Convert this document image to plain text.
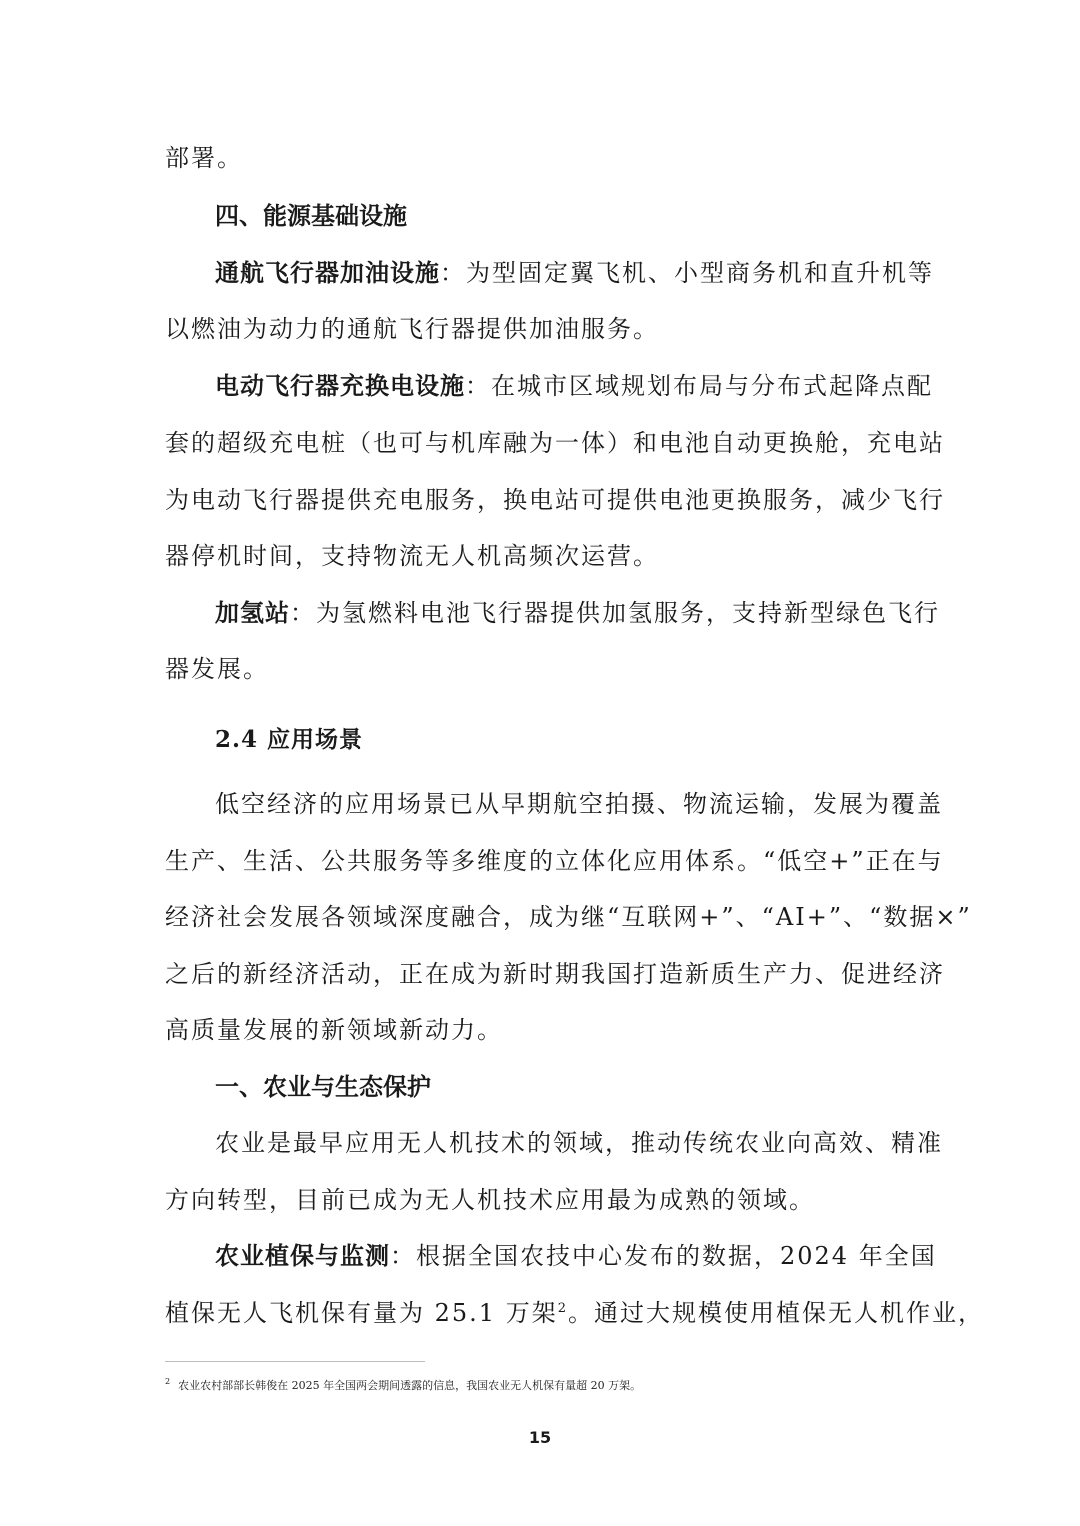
部署。
四、能源基础设施
通航飞行器加油设施：为型固定翼飞机、小型商务机和直升机等
以燃油为动力的通航飞行器提供加油服务。
电动飞行器充换电设施：在城市区域规划布局与分布式起降点配
套的超级充电桩（也可与机库融为一体）和电池自动更换舱，充电站
为电动飞行器提供充电服务，换电站可提供电池更换服务，减少飞行
器停机时间，支持物流无人机高频次运营。
加氢站：为氢燃料电池飞行器提供加氢服务，支持新型绿色飞行
器发展。
2.4 应用场景
低空经济的应用场景已从早期航空拍摄、物流运输，发展为覆盖
生产、生活、公共服务等多维度的立体化应用体系。“低空+”正在与
经济社会发展各领域深度融合，成为继“互联网+”、“AI+”、“数据×”
之后的新经济活动，正在成为新时期我国打造新质生产力、促进经济
高质量发展的新领域新动力。
一、农业与生态保护
农业是最早应用无人机技术的领域，推动传统农业向高效、精准
方向转型，目前已成为无人机技术应用最为成熟的领域。
农业植保与监测：根据全国农技中心发布的数据，2024 年全国
植保无人飞机保有量为 25.1 万架$^2$。通过大规模使用植保无人机作业，
$^2$ 农业农村部部长韩俊在 2025 年全国两会期间透露的信息，我国农业无人机保有量超 20 万架。
15
